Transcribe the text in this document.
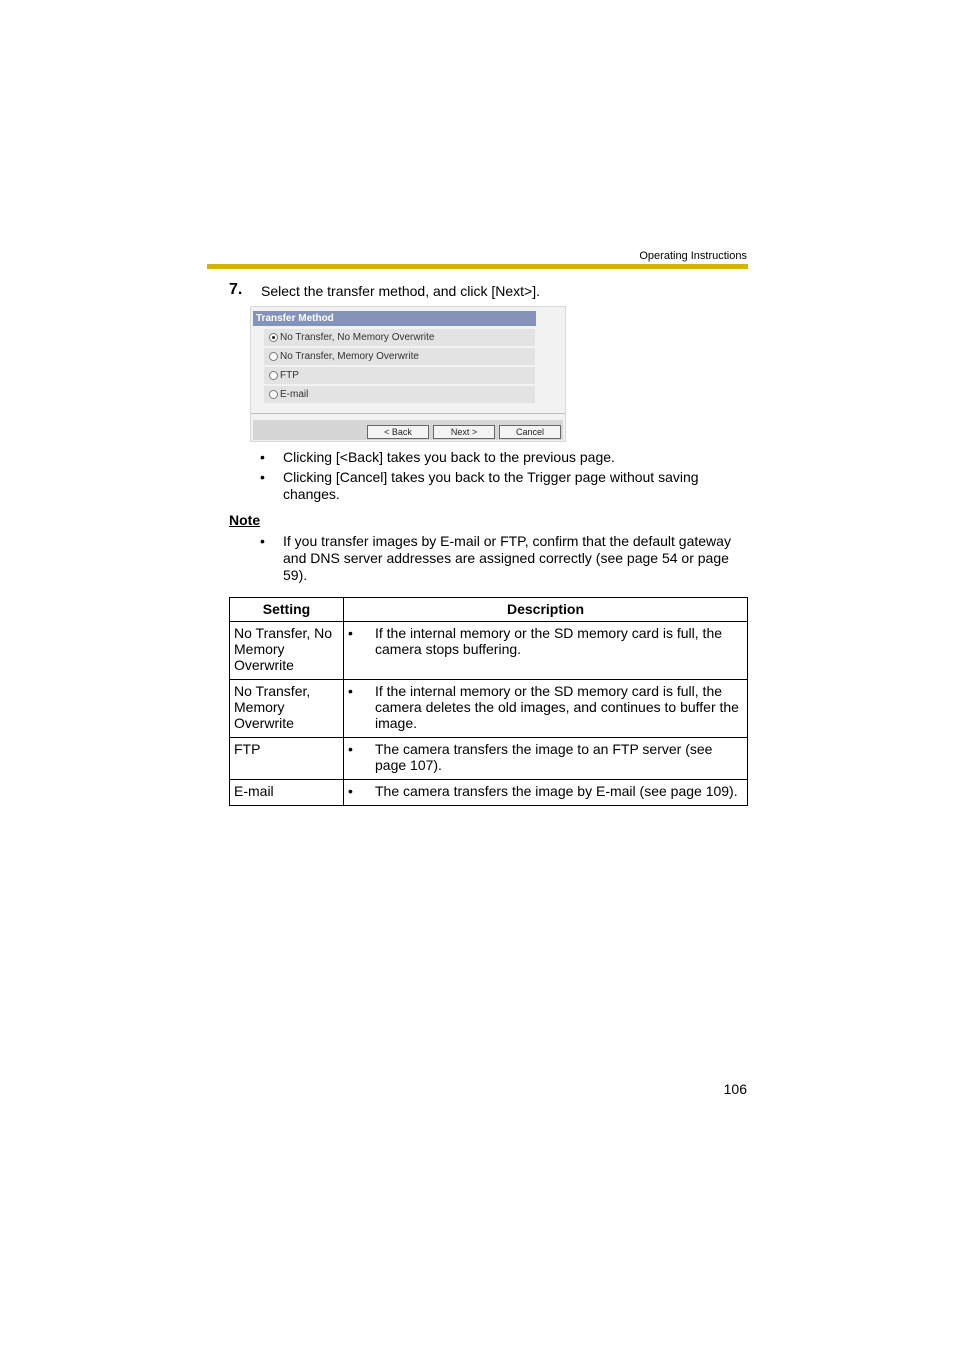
Operating Instructions
7. Select the transfer method, and click [Next>].
Transfer Method
No Transfer, No Memory Overwrite
No Transfer, Memory Overwrite
FTP
E-mail
< Back	Next >	Cancel
• Clicking [<Back] takes you back to the previous page.
• Clicking [Cancel] takes you back to the Trigger page without saving changes.
Note
• If you transfer images by E-mail or FTP, confirm that the default gateway and DNS server addresses are assigned correctly (see page 54 or page 59).
Setting	Description
No Transfer, No Memory Overwrite	• If the internal memory or the SD memory card is full, the camera stops buffering.

No Transfer, Memory Overwrite	• If the internal memory or the SD memory card is full, the camera deletes the old images, and continues to buffer the image.

FTP	• The camera transfers the image to an FTP server (see page 107).

E-mail	• The camera transfers the image by E-mail (see page 109).
106
